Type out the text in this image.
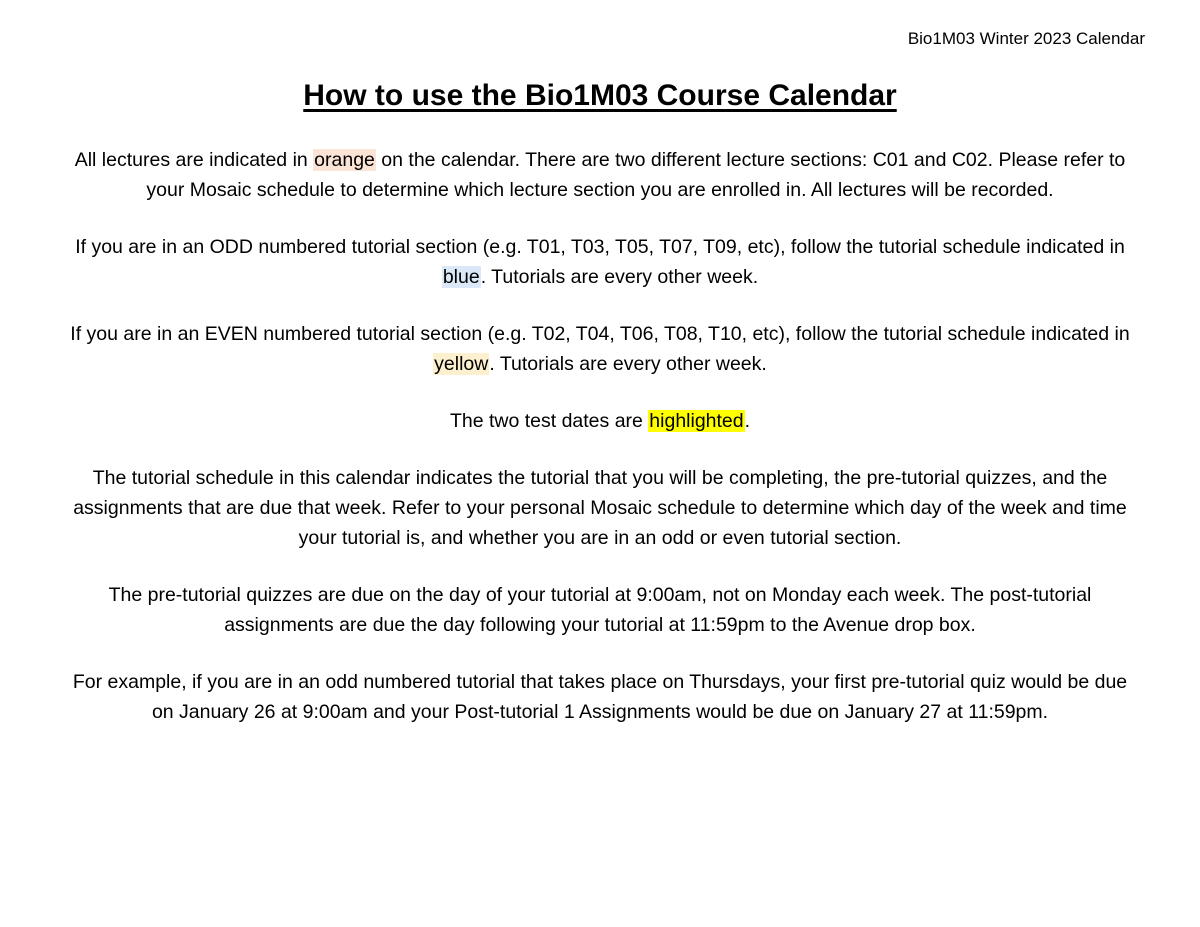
Bio1M03 Winter 2023 Calendar
How to use the Bio1M03 Course Calendar

All lectures are indicated in orange on the calendar. There are two different lecture sections: C01 and C02. Please refer to your Mosaic schedule to determine which lecture section you are enrolled in. All lectures will be recorded.

If you are in an ODD numbered tutorial section (e.g. T01, T03, T05, T07, T09, etc), follow the tutorial schedule indicated in blue. Tutorials are every other week.

If you are in an EVEN numbered tutorial section (e.g. T02, T04, T06, T08, T10, etc), follow the tutorial schedule indicated in yellow. Tutorials are every other week.

The two test dates are highlighted.

The tutorial schedule in this calendar indicates the tutorial that you will be completing, the pre-tutorial quizzes, and the assignments that are due that week. Refer to your personal Mosaic schedule to determine which day of the week and time your tutorial is, and whether you are in an odd or even tutorial section.

The pre-tutorial quizzes are due on the day of your tutorial at 9:00am, not on Monday each week. The post-tutorial assignments are due the day following your tutorial at 11:59pm to the Avenue drop box.

For example, if you are in an odd numbered tutorial that takes place on Thursdays, your first pre-tutorial quiz would be due on January 26 at 9:00am and your Post-tutorial 1 Assignments would be due on January 27 at 11:59pm.
